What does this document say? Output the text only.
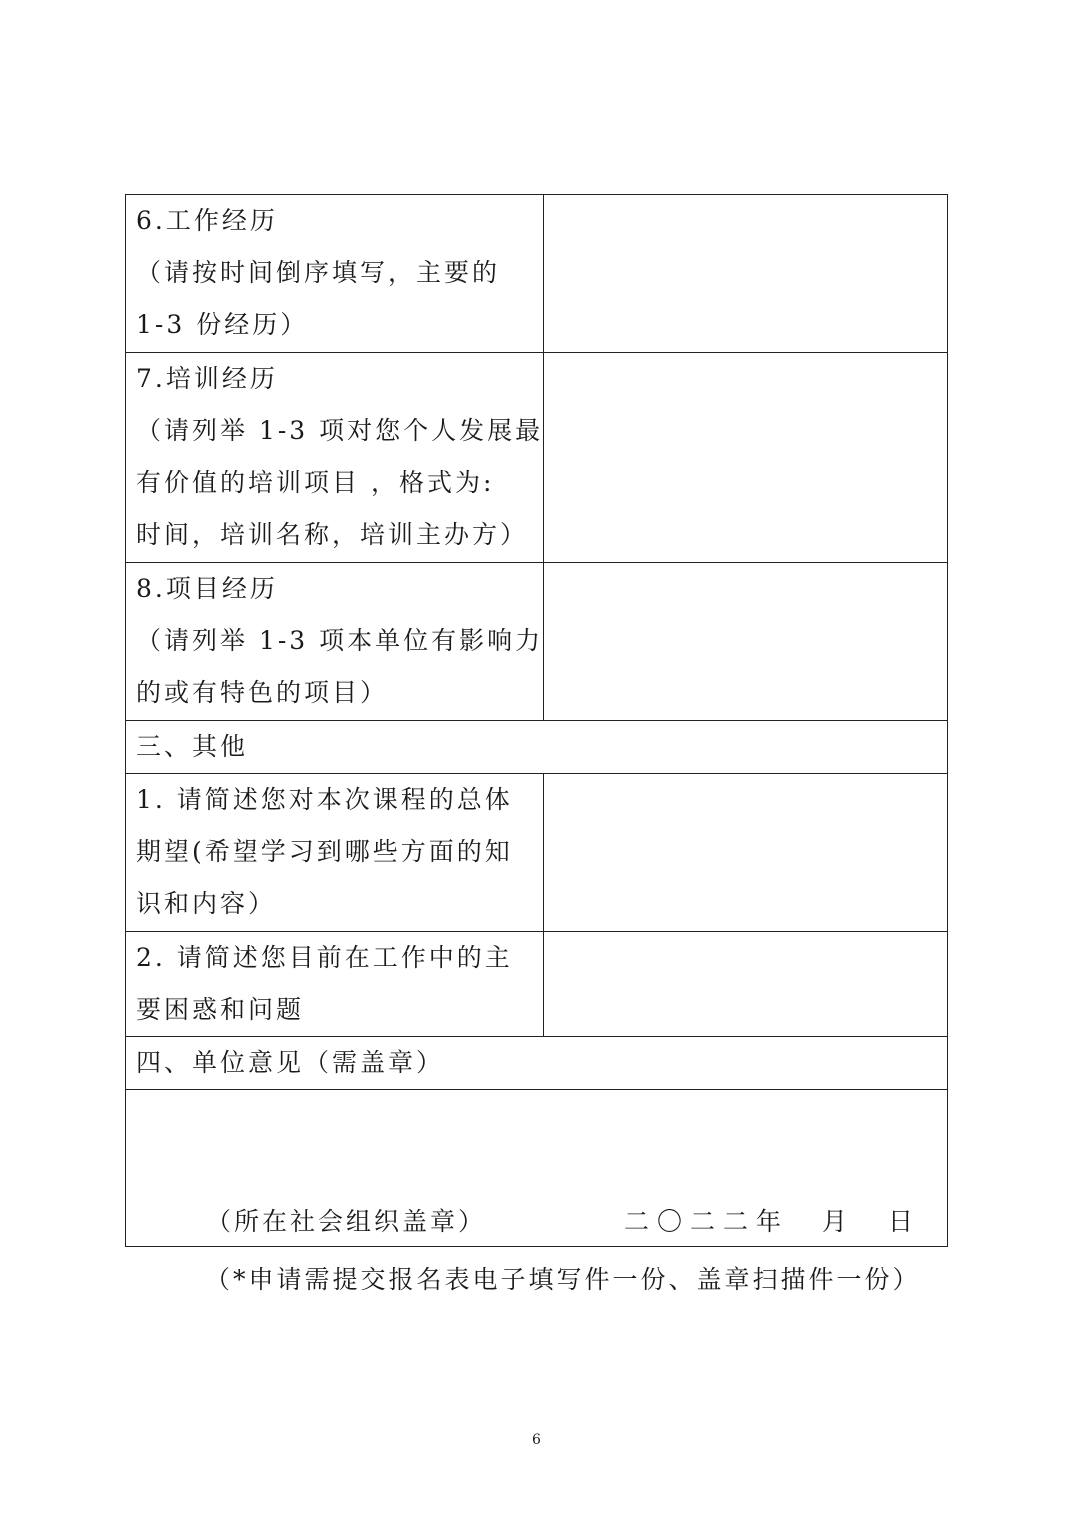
6.工作经历
（请按时间倒序填写，主要的
1-3 份经历）	

7.培训经历
（请列举 1-3 项对您个人发展最
有价值的培训项目 ，格式为:
时间，培训名称，培训主办方）	

8.项目经历
（请列举 1-3 项本单位有影响力
的或有特色的项目）	

三、其他	

1. 请简述您对本次课程的总体
期望(希望学习到哪些方面的知
识和内容）	

2. 请简述您目前在工作中的主
要困惑和问题	

四、单位意见（需盖章）	

（所在社会组织盖章） 二〇二二年　月　日	
（*申请需提交报名表电子填写件一份、盖章扫描件一份）
6
